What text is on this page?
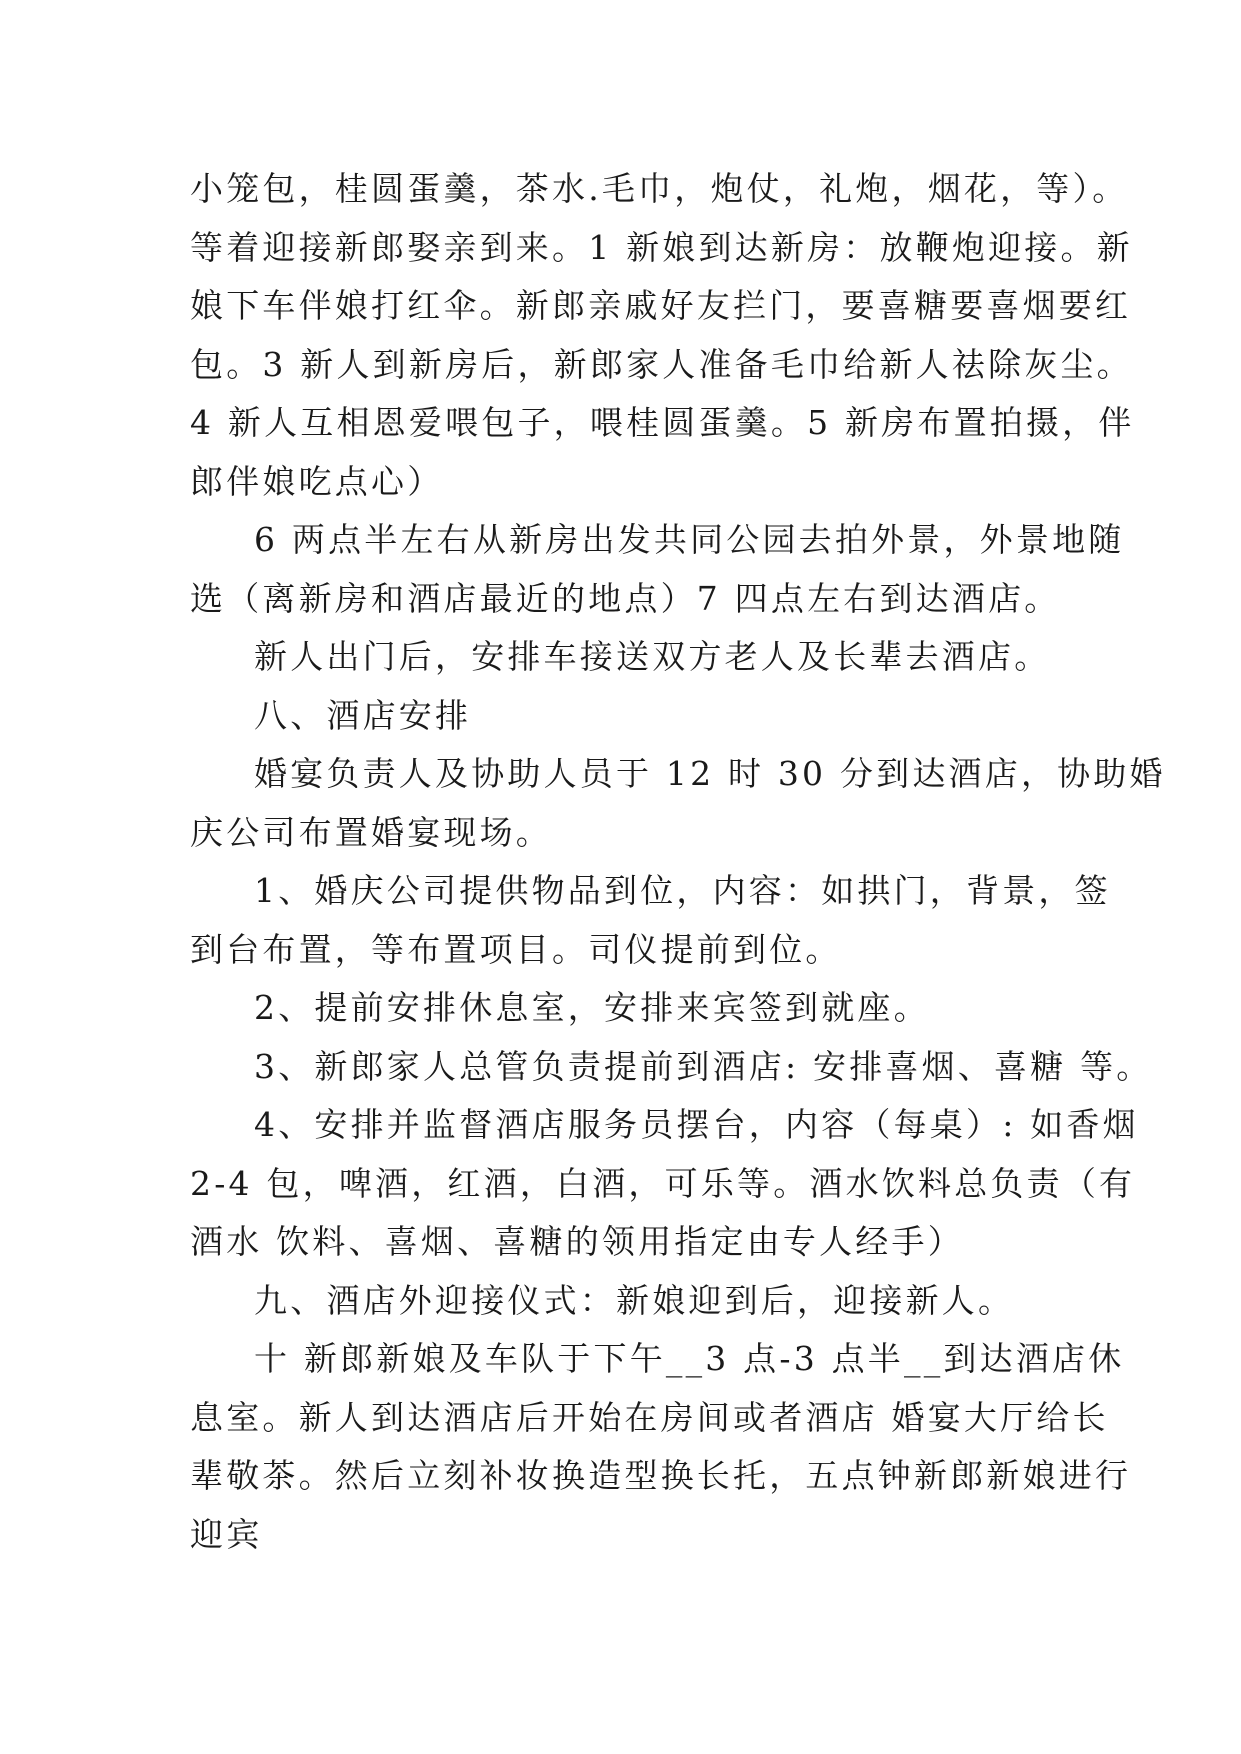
小笼包，桂圆蛋羹，茶水.毛巾，炮仗，礼炮，烟花，等）。
等着迎接新郎娶亲到来。1 新娘到达新房：放鞭炮迎接。新
娘下车伴娘打红伞。新郎亲戚好友拦门，要喜糖要喜烟要红
包。3 新人到新房后，新郎家人准备毛巾给新人祛除灰尘。
4 新人互相恩爱喂包子，喂桂圆蛋羹。5 新房布置拍摄，伴
郎伴娘吃点心）
6 两点半左右从新房出发共同公园去拍外景，外景地随
选（离新房和酒店最近的地点）7 四点左右到达酒店。
新人出门后，安排车接送双方老人及长辈去酒店。
八、酒店安排
婚宴负责人及协助人员于 12 时 30 分到达酒店，协助婚
庆公司布置婚宴现场。
1、婚庆公司提供物品到位，内容：如拱门，背景，签
到台布置，等布置项目。司仪提前到位。
2、提前安排休息室，安排来宾签到就座。
3、新郎家人总管负责提前到酒店: 安排喜烟、喜糖 等。
4、安排并监督酒店服务员摆台，内容（每桌）: 如香烟
2-4 包，啤酒，红酒，白酒，可乐等。酒水饮料总负责（有
酒水 饮料、喜烟、喜糖的领用指定由专人经手）
九、酒店外迎接仪式：新娘迎到后，迎接新人。
十 新郎新娘及车队于下午__3 点-3 点半__到达酒店休
息室。新人到达酒店后开始在房间或者酒店 婚宴大厅给长
辈敬茶。然后立刻补妆换造型换长托，五点钟新郎新娘进行
迎宾
